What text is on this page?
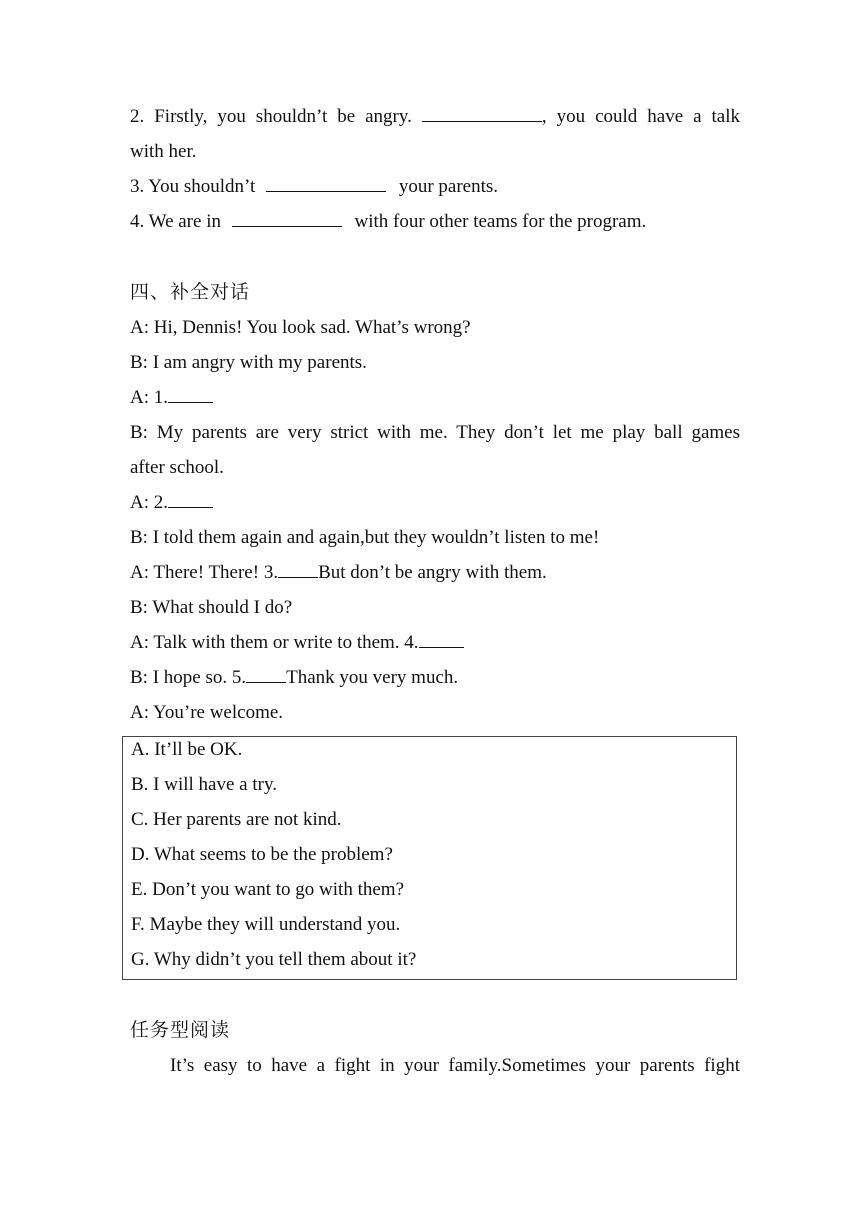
2. Firstly, you shouldn’t be angry.	, you could have a talk
with her.
3. You shouldn’t	your parents.
4. We are in	with four other teams for the program.
四、补全对话
A: Hi, Dennis! You look sad. What’s wrong?
B: I am angry with my parents.
A: 1.
B: My parents are very strict with me. They don’t let me play ball games
after school.
A: 2.
B: I told them again and again,but they wouldn’t listen to me!
A: There! There! 3. But don’t be angry with them.
B: What should I do?
A: Talk with them or write to them. 4.
B: I hope so. 5. Thank you very much.
A: You’re welcome.
A. It’ll be OK.
B. I will have a try.
C. Her parents are not kind.
D. What seems to be the problem?
E. Don’t you want to go with them?
F. Maybe they will understand you.
G. Why didn’t you tell them about it?
任务型阅读
It’s easy to have a fight in your family.Sometimes your parents fight
